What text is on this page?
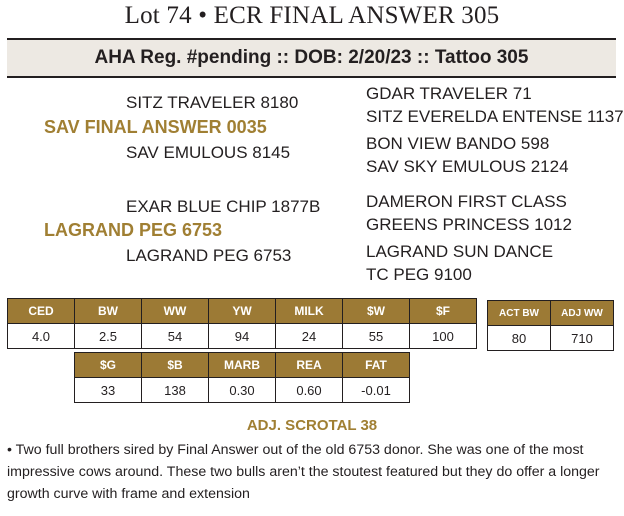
Lot 74 • ECR FINAL ANSWER 305
AHA Reg. #pending :: DOB: 2/20/23 :: Tattoo 305
SITZ TRAVELER 8180
SAV FINAL ANSWER 0035
SAV EMULOUS 8145
GDAR TRAVELER 71
SITZ EVERELDA ENTENSE 1137
BON VIEW BANDO 598
SAV SKY EMULOUS 2124
EXAR BLUE CHIP 1877B
LAGRAND PEG 6753
LAGRAND PEG 6753
DAMERON FIRST CLASS
GREENS PRINCESS 1012
LAGRAND SUN DANCE
TC PEG 9100
CED	BW	WW	YW	MILK	$W	$F
4.0	2.5	54	94	24	55	100
$G	$B	MARB	REA	FAT
33	138	0.30	0.60	-0.01
ACT BW	ADJ WW
80	710
ADJ. SCROTAL 38
• Two full brothers sired by Final Answer out of the old 6753 donor. She was one of the most impressive cows around. These two bulls aren’t the stoutest featured but they do offer a longer growth curve with frame and extension
